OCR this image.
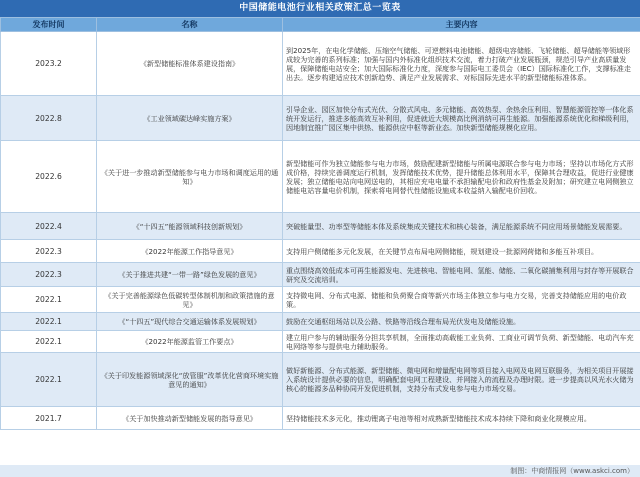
中国储能电池行业相关政策汇总一览表
发布时间	名称	主要内容
2023.2	《新型储能标准体系建设指南》	到2025年，在电化学储能、压缩空气储能、可逆燃料电池储能、超级电容储能、飞轮储能、超导储能等领域形成较为完善的系列标准；加强与国内外标准化组织技术交流，着力打破产业发展瓶颈，规范引导产业高质量发展，保障储能电站安全；加大国际标准化力度，深度参与国际电工委员会（IEC）国际标准化工作，支撑标准走出去。逐步构建适应技术创新趋势、满足产业发展需求、对标国际先进水平的新型储能标准体系。
2022.8	《工业领域碳达峰实施方案》	引导企业、园区加快分布式光伏、分散式风电、多元储能、高效热泵、余热余压利用、智慧能源管控等一体化系统开发运行，推进多能高效互补利用，促进就近大规模高比例消纳可再生能源。加强能源系统优化和梯级利用，因地制宜推广园区集中供热、能源供应中枢等新业态。加快新型储能规模化应用。
2022.6	《关于进一步推动新型储能参与电力市场和调度运用的通知》	新型储能可作为独立储能参与电力市场，鼓励配建新型储能与所属电源联合参与电力市场；坚持以市场化方式形成价格，持续完善调度运行机制，发挥储能技术优势，提升储能总体利用水平，保障其合理收益，促进行业健康发展；独立储能电站向电网送电的，其相应充电电量不承担输配电价和政府性基金及附加；研究建立电网侧独立储能电站容量电价机制，探索将电网替代性储能设施成本收益纳入输配电价回收。
2022.4	《“十四五”能源领域科技创新规划》	突破能量型、功率型等储能本体及系统集成关键技术和核心装备，满足能源系统不同应用场景储能发展需要。
2022.3	《2022年能源工作指导意见》	支持用户侧储能多元化发展，在关键节点布局电网侧储能，规划建设一批源网荷储和多能互补项目。
2022.3	《关于推进共建“一带一路”绿色发展的意见》	重点围绕高效低成本可再生能源发电、先进核电、智能电网、氢能、储能、二氧化碳捕集利用与封存等开展联合研究及交流培训。
2022.1	《关于完善能源绿色低碳转型体制机制和政策措施的意见》	支持微电网、分布式电源、储能和负荷聚合商等新兴市场主体独立参与电力交易，完善支持储能应用的电价政策。
2022.1	《“十四五”现代综合交通运输体系发展规划》	鼓励在交通枢纽场站以及公路、铁路等沿线合理布局光伏发电及储能设施。
2022.1	《2022年能源监管工作要点》	建立用户参与的辅助服务分担共享机制，全面推动高载能工业负荷、工商业可调节负荷、新型储能、电动汽车充电网络等参与提供电力辅助服务。
2022.1	《关于印发能源领域深化“放管服”改革优化营商环境实施意见的通知》	做好新能源、分布式能源、新型储能、微电网和增量配电网等项目接入电网及电网互联服务，为相关项目开展接入系统设计提供必要的信息，明确配套电网工程建设、并网接入的流程及办理时限。进一步提高以风光水火储为核心的能源多品种协同开发促进机制，支持分布式发电参与电力市场交易。
2021.7	《关于加快推动新型储能发展的指导意见》	坚持储能技术多元化，推动锂离子电池等相对成熟新型储能技术成本持续下降和商业化规模应用。
制图：中商情报网（www.askci.com）
